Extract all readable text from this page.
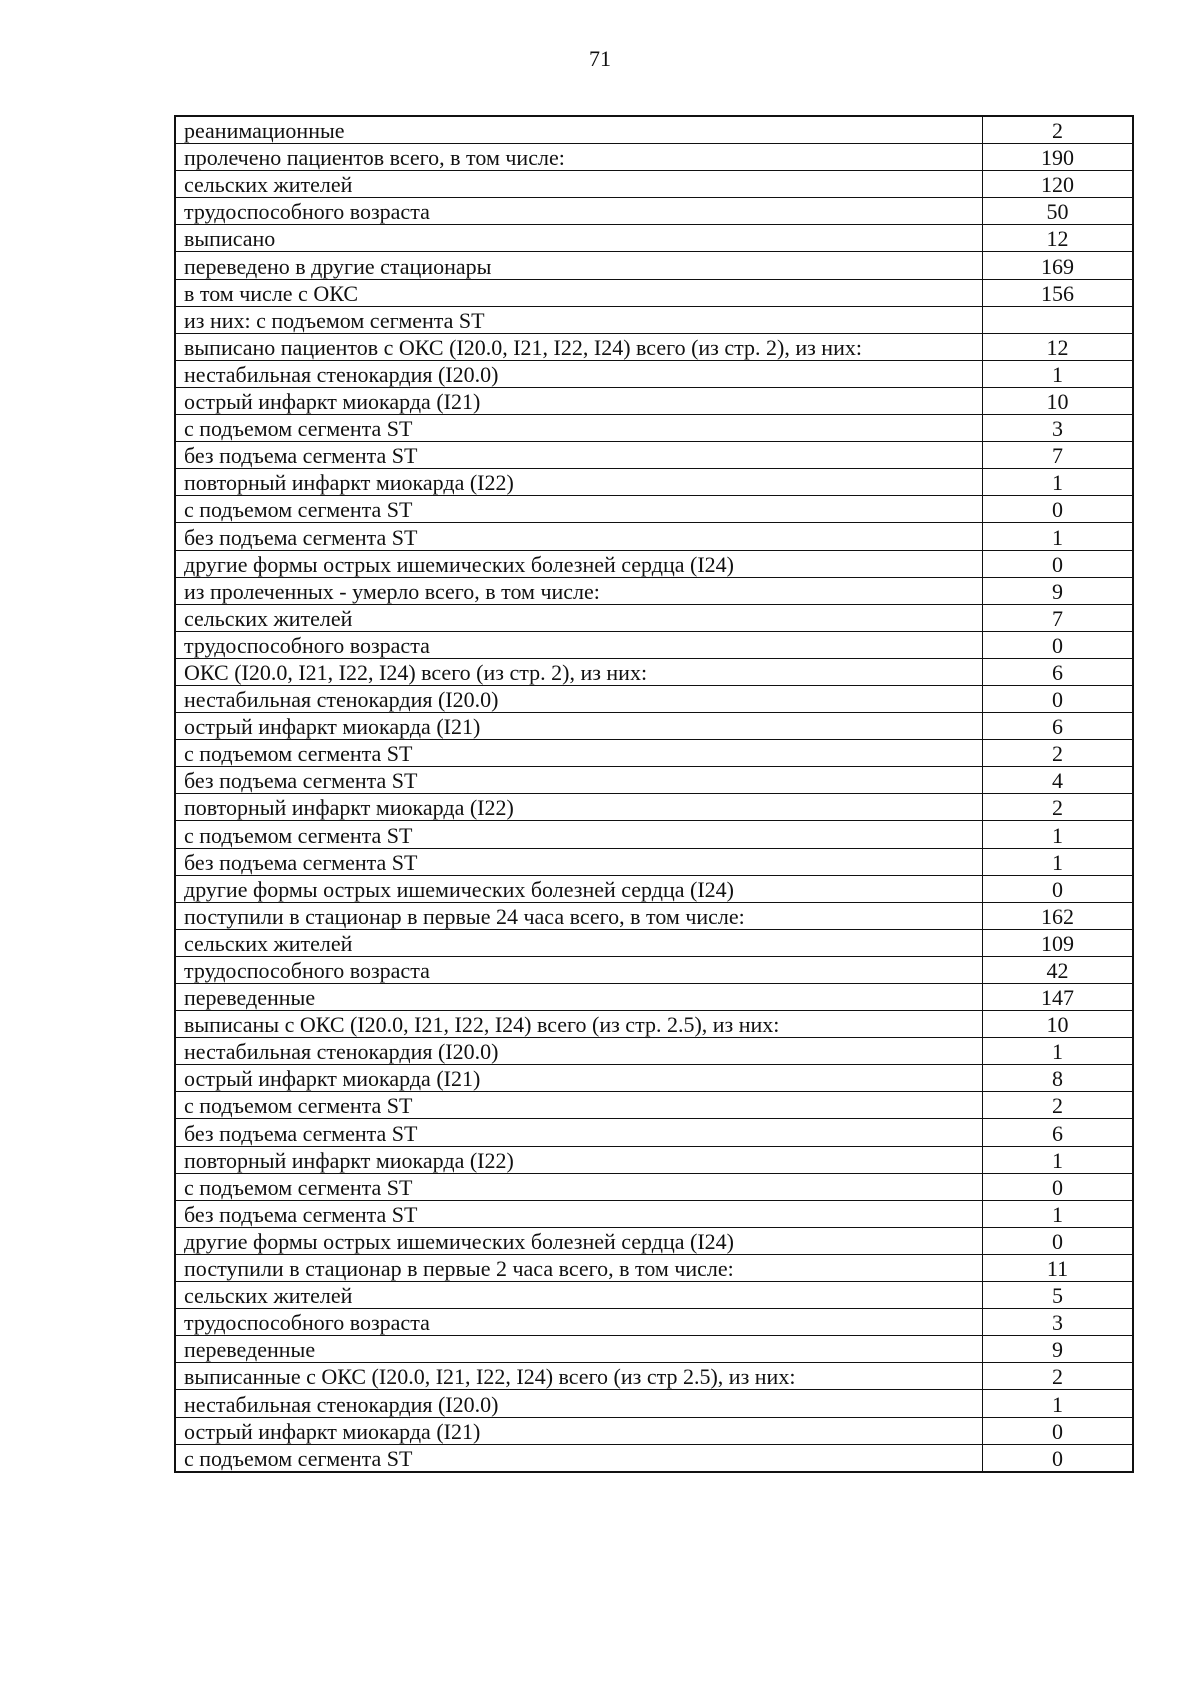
71
реанимационные	2
пролечено пациентов всего, в том числе:	190
сельских жителей	120
трудоспособного возраста	50
выписано	12
переведено в другие стационары	169
в том числе с ОКС	156
из них: с подъемом сегмента ST	
выписано пациентов с ОКС (I20.0, I21, I22, I24) всего (из стр. 2), из них:	12
нестабильная стенокардия (I20.0)	1
острый инфаркт миокарда (I21)	10
с подъемом сегмента ST	3
без подъема сегмента ST	7
повторный инфаркт миокарда (I22)	1
с подъемом сегмента ST	0
без подъема сегмента ST	1
другие формы острых ишемических болезней сердца (I24)	0
из пролеченных - умерло всего, в том числе:	9
сельских жителей	7
трудоспособного возраста	0
ОКС (I20.0, I21, I22, I24) всего (из стр. 2), из них:	6
нестабильная стенокардия (I20.0)	0
острый инфаркт миокарда (I21)	6
с подъемом сегмента ST	2
без подъема сегмента ST	4
повторный инфаркт миокарда (I22)	2
с подъемом сегмента ST	1
без подъема сегмента ST	1
другие формы острых ишемических болезней сердца (I24)	0
поступили в стационар в первые 24 часа всего, в том числе:	162
сельских жителей	109
трудоспособного возраста	42
переведенные	147
выписаны с ОКС (I20.0, I21, I22, I24) всего (из стр. 2.5), из них:	10
нестабильная стенокардия (I20.0)	1
острый инфаркт миокарда (I21)	8
с подъемом сегмента ST	2
без подъема сегмента ST	6
повторный инфаркт миокарда (I22)	1
с подъемом сегмента ST	0
без подъема сегмента ST	1
другие формы острых ишемических болезней сердца (I24)	0
поступили в стационар в первые 2 часа всего, в том числе:	11
сельских жителей	5
трудоспособного возраста	3
переведенные	9
выписанные с ОКС (I20.0, I21, I22, I24) всего (из стр 2.5), из них:	2
нестабильная стенокардия (I20.0)	1
острый инфаркт миокарда (I21)	0
с подъемом сегмента ST	0
